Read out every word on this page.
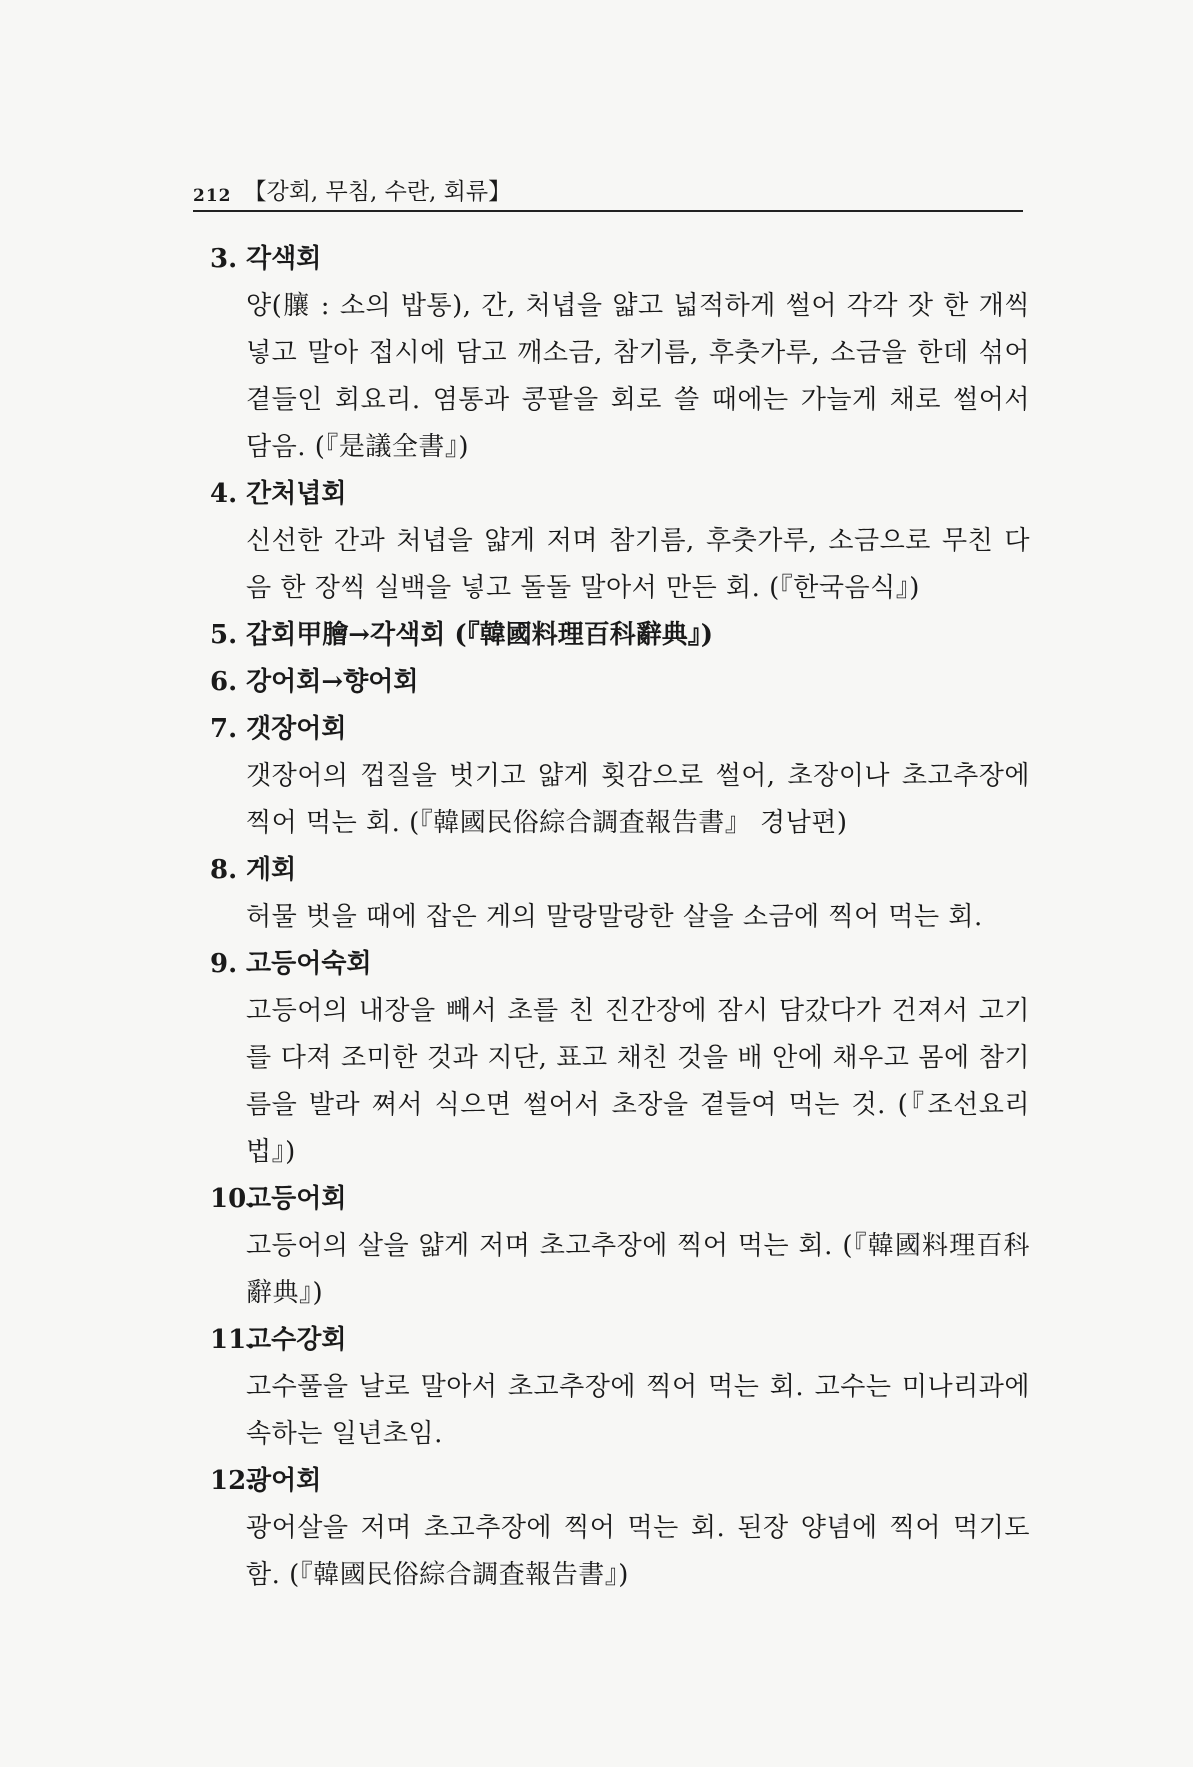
212 【강회, 무침, 수란, 회류】
3. 각색회
양(䑋 : 소의 밥통), 간, 처녑을 얇고 넓적하게 썰어 각각 잣 한 개씩 넣고 말아 접시에 담고 깨소금, 참기름, 후춧가루, 소금을 한데 섞어 곁들인 회요리. 염통과 콩팥을 회로 쓸 때에는 가늘게 채로 썰어서 담음. (『是議全書』)
4. 간처녑회
신선한 간과 처녑을 얇게 저며 참기름, 후춧가루, 소금으로 무친 다음 한 장씩 실백을 넣고 돌돌 말아서 만든 회. (『한국음식』)
5. 갑회甲膾→각색회 (『韓國料理百科辭典』)
6. 강어회→향어회
7. 갯장어회
갯장어의 껍질을 벗기고 얇게 횟감으로 썰어, 초장이나 초고추장에 찍어 먹는 회. (『韓國民俗綜合調査報告書』 경남편)
8. 게회
허물 벗을 때에 잡은 게의 말랑말랑한 살을 소금에 찍어 먹는 회.
9. 고등어숙회
고등어의 내장을 빼서 초를 친 진간장에 잠시 담갔다가 건져서 고기를 다져 조미한 것과 지단, 표고 채친 것을 배 안에 채우고 몸에 참기름을 발라 쪄서 식으면 썰어서 초장을 곁들여 먹는 것. (『조선요리법』)
10.
고등어회
고등어의 살을 얇게 저며 초고추장에 찍어 먹는 회. (『韓國料理百科辭典』)
11.
고수강회
고수풀을 날로 말아서 초고추장에 찍어 먹는 회. 고수는 미나리과에 속하는 일년초임.
12.
광어회
광어살을 저며 초고추장에 찍어 먹는 회. 된장 양념에 찍어 먹기도 함. (『韓國民俗綜合調査報告書』)
